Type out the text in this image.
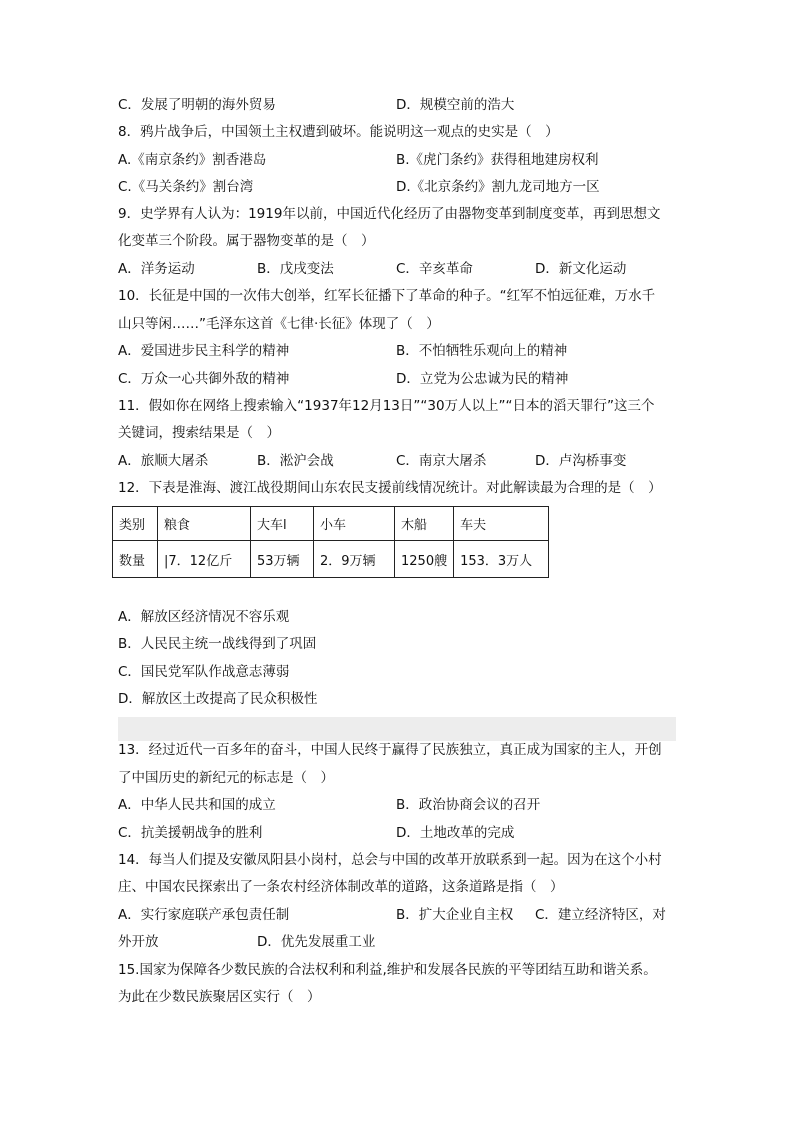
C．发展了明朝的海外贸易	D．规模空前的浩大
8．鸦片战争后，中国领土主权遭到破坏。能说明这一观点的史实是（　）
A.《南京条约》割香港岛	B.《虎门条约》获得租地建房权利
C.《马关条约》割台湾	D.《北京条约》割九龙司地方一区
9．史学界有人认为：1919年以前，中国近代化经历了由器物变革到制度变革，再到思想文
化变革三个阶段。属于器物变革的是（　）
A．洋务运动	B．戊戌变法	C．辛亥革命	D．新文化运动
10．长征是中国的一次伟大创举，红军长征播下了革命的种子。“红军不怕远征难，万水千
山只等闲……”毛泽东这首《七律·长征》体现了（　）
A．爱国进步民主科学的精神	B．不怕牺牲乐观向上的精神
C．万众一心共御外敌的精神	D．立党为公忠诚为民的精神
11．假如你在网络上搜索输入“1937年12月13日”“30万人以上”“日本的滔天罪行”这三个
关键词，搜索结果是（　）
A．旅顺大屠杀	B．淞沪会战	C．南京大屠杀	D．卢沟桥事变
12．下表是淮海、渡江战役期间山东农民支援前线情况统计。对此解读最为合理的是（　）
类别	粮食	大车l	小车	木船	车夫
数量	|7．12亿斤	53万辆	2．9万辆	1250艘	153．3万人
A．解放区经济情况不容乐观
B．人民民主统一战线得到了巩固
C．国民党军队作战意志薄弱
D．解放区土改提高了民众积极性
13．经过近代一百多年的奋斗，中国人民终于赢得了民族独立，真正成为国家的主人，开创
了中国历史的新纪元的标志是（　）
A．中华人民共和国的成立	B．政治协商会议的召开
C．抗美援朝战争的胜利	D．土地改革的完成
14．每当人们提及安徽凤阳县小岗村，总会与中国的改革开放联系到一起。因为在这个小村
庄、中国农民探索出了一条农村经济体制改革的道路，这条道路是指（　）
A．实行家庭联产承包责任制	B．扩大企业自主权 C．建立经济特区，对
外开放	D．优先发展重工业
15.国家为保障各少数民族的合法权利和利益,维护和发展各民族的平等团结互助和谐关系。
为此在少数民族聚居区实行（　）
